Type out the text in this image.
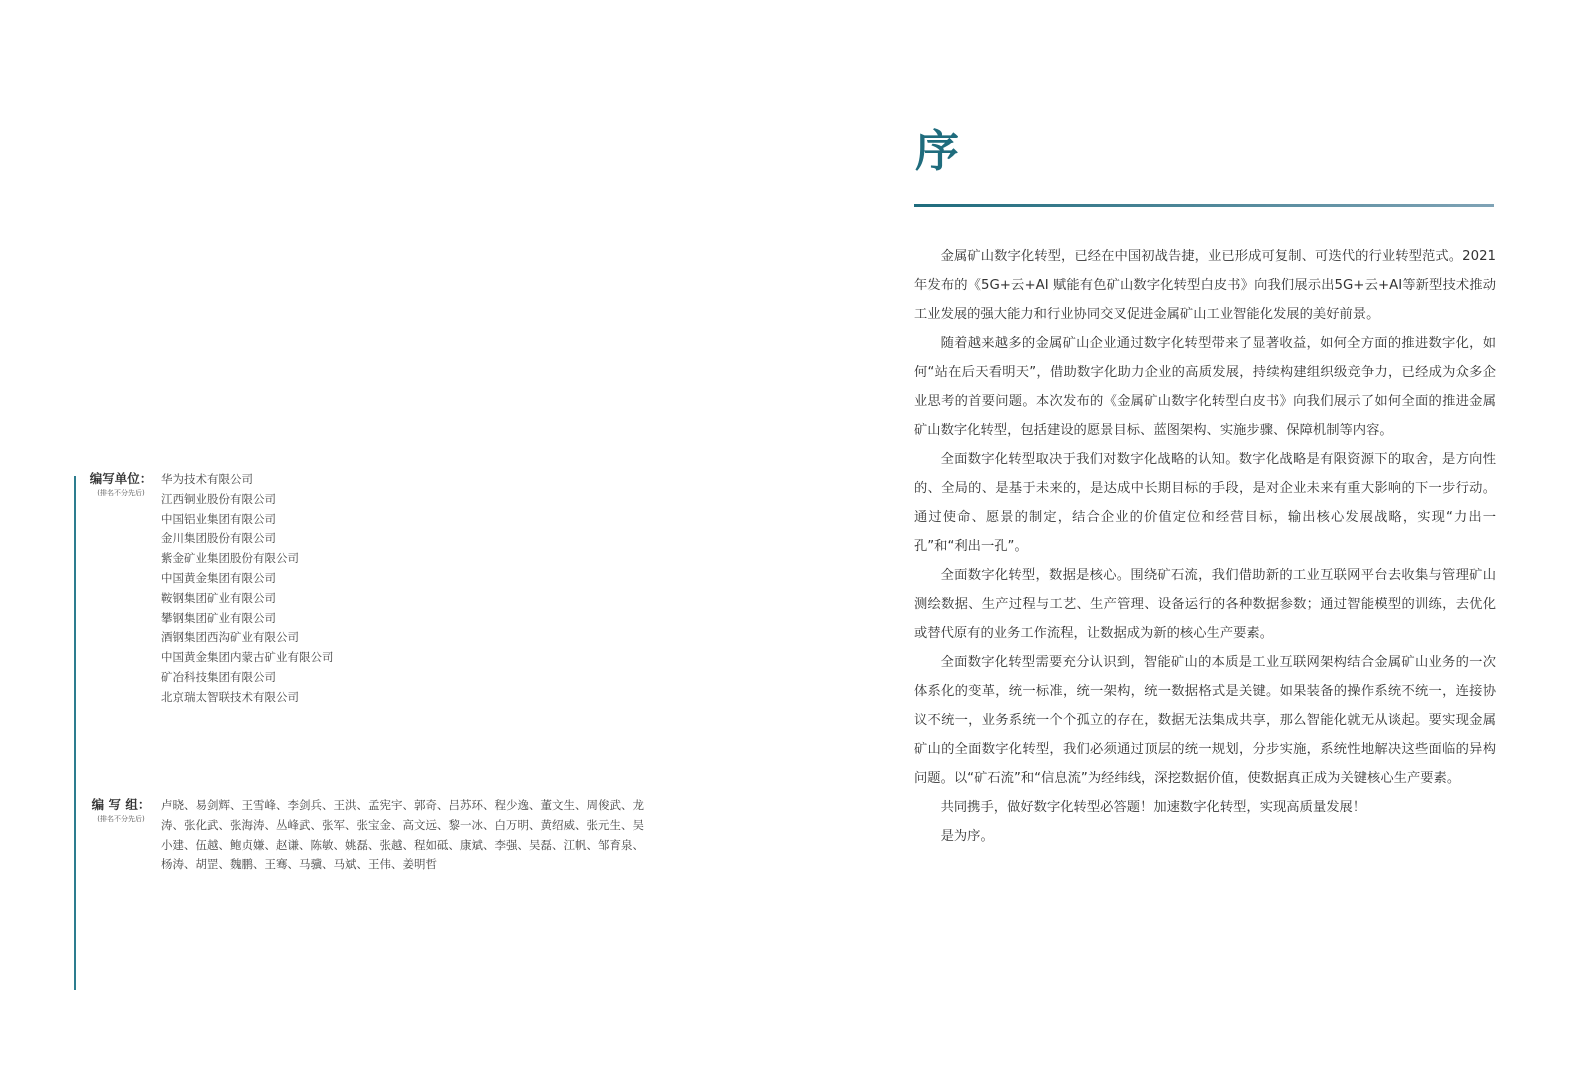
编写单位：
(排名不分先后)
华为技术有限公司
江西铜业股份有限公司
中国铝业集团有限公司
金川集团股份有限公司
紫金矿业集团股份有限公司
中国黄金集团有限公司
鞍钢集团矿业有限公司
攀钢集团矿业有限公司
酒钢集团西沟矿业有限公司
中国黄金集团内蒙古矿业有限公司
矿冶科技集团有限公司
北京瑞太智联技术有限公司
编 写 组：
(排名不分先后)
卢晓、易剑辉、王雪峰、李剑兵、王洪、孟宪宇、郭奇、吕苏环、程少逸、董文生、周俊武、龙涛、张化武、张海涛、丛峰武、张军、张宝金、高文远、黎一冰、白万明、黄绍威、张元生、吴小建、伍越、鲍贞嫌、赵谦、陈敏、姚磊、张越、程如砥、康斌、李强、吴磊、江帆、邹育泉、杨涛、胡罡、魏鹏、王骞、马骥、马斌、王伟、姜明哲
序

金属矿山数字化转型，已经在中国初战告捷，业已形成可复制、可迭代的行业转型范式。2021年发布的《5G+云+AI 赋能有色矿山数字化转型白皮书》向我们展示出5G+云+AI等新型技术推动工业发展的强大能力和行业协同交叉促进金属矿山工业智能化发展的美好前景。

随着越来越多的金属矿山企业通过数字化转型带来了显著收益，如何全方面的推进数字化，如何“站在后天看明天”，借助数字化助力企业的高质发展，持续构建组织级竞争力，已经成为众多企业思考的首要问题。本次发布的《金属矿山数字化转型白皮书》向我们展示了如何全面的推进金属矿山数字化转型，包括建设的愿景目标、蓝图架构、实施步骤、保障机制等内容。

全面数字化转型取决于我们对数字化战略的认知。数字化战略是有限资源下的取舍，是方向性的、全局的、是基于未来的，是达成中长期目标的手段，是对企业未来有重大影响的下一步行动。通过使命、愿景的制定，结合企业的价值定位和经营目标，输出核心发展战略，实现“力出一孔”和“利出一孔”。

全面数字化转型，数据是核心。围绕矿石流，我们借助新的工业互联网平台去收集与管理矿山测绘数据、生产过程与工艺、生产管理、设备运行的各种数据参数；通过智能模型的训练，去优化或替代原有的业务工作流程，让数据成为新的核心生产要素。

全面数字化转型需要充分认识到，智能矿山的本质是工业互联网架构结合金属矿山业务的一次体系化的变革，统一标准，统一架构，统一数据格式是关键。如果装备的操作系统不统一，连接协议不统一，业务系统一个个孤立的存在，数据无法集成共享，那么智能化就无从谈起。要实现金属矿山的全面数字化转型，我们必须通过顶层的统一规划，分步实施，系统性地解决这些面临的异构问题。以“矿石流”和“信息流”为经纬线，深挖数据价值，使数据真正成为关键核心生产要素。

共同携手，做好数字化转型必答题！加速数字化转型，实现高质量发展！

是为序。
